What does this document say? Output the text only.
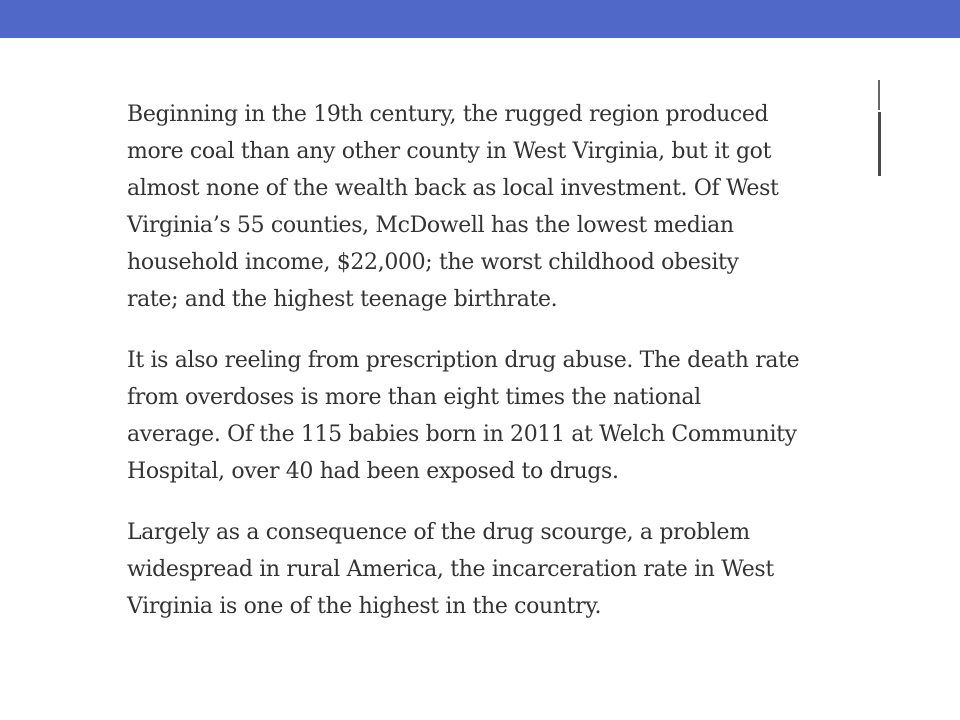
Beginning in the 19th century, the rugged region produced
more coal than any other county in West Virginia, but it got
almost none of the wealth back as local investment. Of West
Virginia’s 55 counties, McDowell has the lowest median
household income, $22,000; the worst childhood obesity
rate; and the highest teenage birthrate.

It is also reeling from prescription drug abuse. The death rate
from overdoses is more than eight times the national
average. Of the 115 babies born in 2011 at Welch Community
Hospital, over 40 had been exposed to drugs.

Largely as a consequence of the drug scourge, a problem
widespread in rural America, the incarceration rate in West
Virginia is one of the highest in the country.
